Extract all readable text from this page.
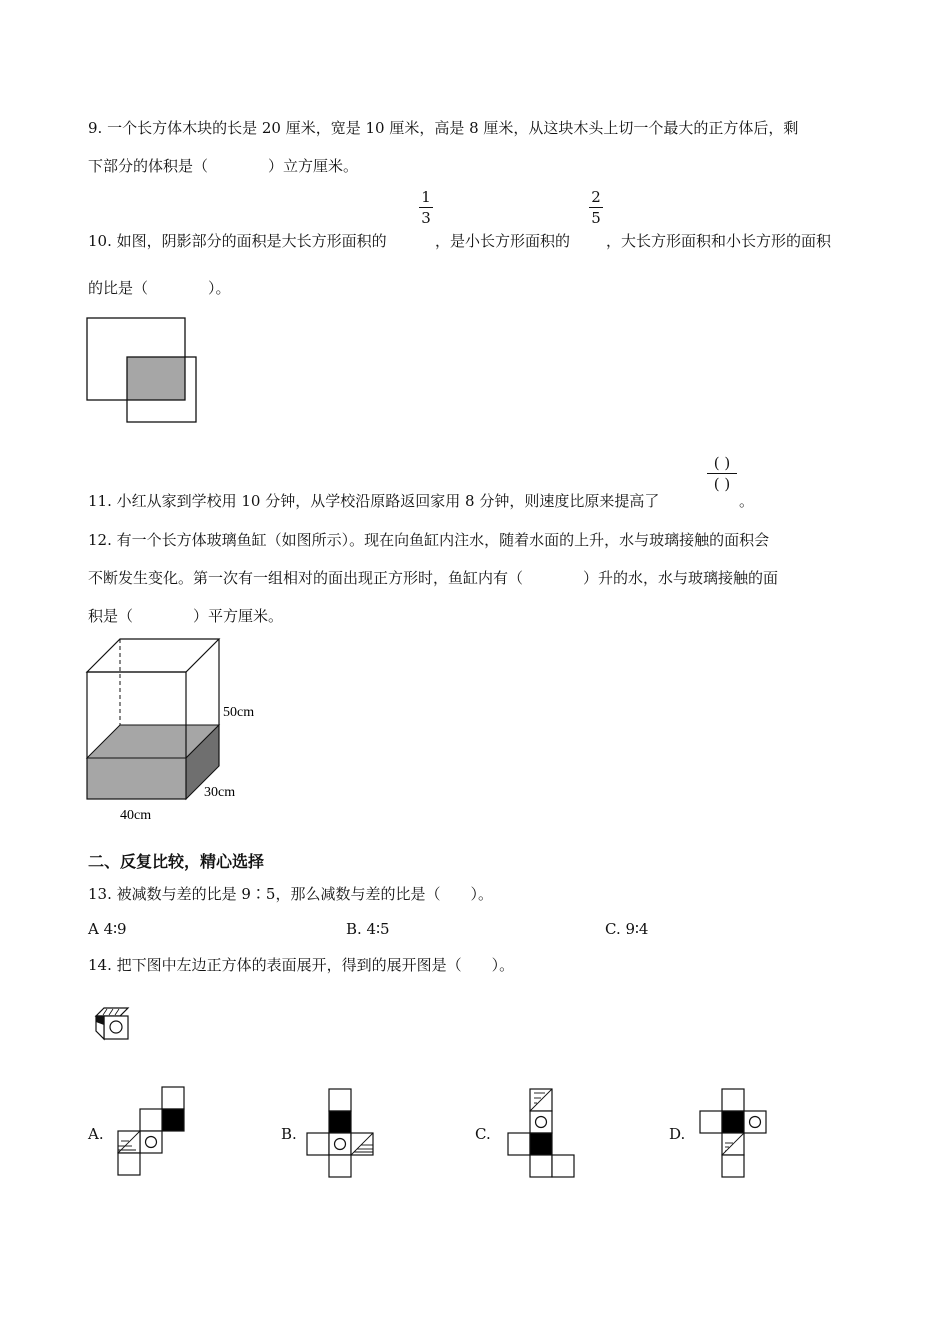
9. 一个长方体木块的长是 20 厘米，宽是 10 厘米，高是 8 厘米，从这块木头上切一个最大的正方体后，剩
下部分的体积是（　　　　）立方厘米。
10. 如图，阴影部分的面积是大长方形面积的
1
3
，是小长方形面积的
2
5
，大长方形面积和小长方形的面积
的比是（　　　　）。
11. 小红从家到学校用 10 分钟，从学校沿原路返回家用 8 分钟，则速度比原来提高了
( )
( )
。
12. 有一个长方体玻璃鱼缸（如图所示）。现在向鱼缸内注水，随着水面的上升，水与玻璃接触的面积会
不断发生变化。第一次有一组相对的面出现正方形时，鱼缸内有（　　　　）升的水，水与玻璃接触的面
积是（　　　　）平方厘米。
50cm
30cm
40cm
二、反复比较，精心选择
13. 被减数与差的比是 9∶5，那么减数与差的比是（　　）。
A 4∶9	B. 4∶5	C. 9∶4
14. 把下图中左边正方体的表面展开，得到的展开图是（　　）。
A.	B.	C.	D.
